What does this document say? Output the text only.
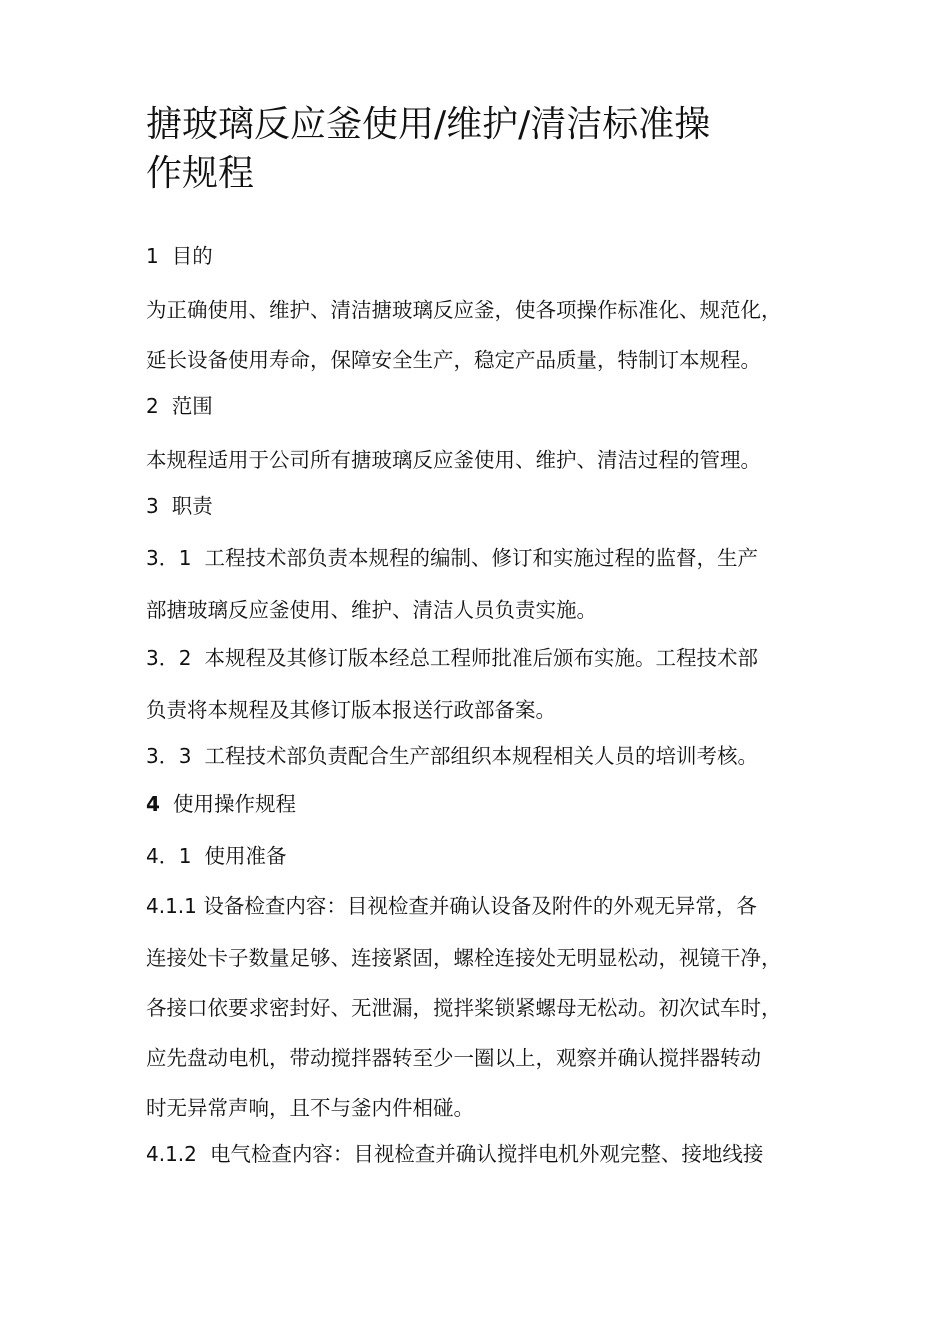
搪玻璃反应釜使用/维护/清洁标准操
作规程
1 目的
为正确使用、维护、清洁搪玻璃反应釜，使各项操作标准化、规范化，
延长设备使用寿命，保障安全生产，稳定产品质量，特制订本规程。
2 范围
本规程适用于公司所有搪玻璃反应釜使用、维护、清洁过程的管理。
3 职责
3．1 工程技术部负责本规程的编制、修订和实施过程的监督，生产
部搪玻璃反应釜使用、维护、清洁人员负责实施。
3．2 本规程及其修订版本经总工程师批准后颁布实施。工程技术部
负责将本规程及其修订版本报送行政部备案。
3．3 工程技术部负责配合生产部组织本规程相关人员的培训考核。
4 使用操作规程
4．1 使用准备
4.1.1 设备检查内容：目视检查并确认设备及附件的外观无异常，各
连接处卡子数量足够、连接紧固，螺栓连接处无明显松动，视镜干净，
各接口依要求密封好、无泄漏，搅拌桨锁紧螺母无松动。初次试车时，
应先盘动电机，带动搅拌器转至少一圈以上，观察并确认搅拌器转动
时无异常声响，且不与釜内件相碰。
4.1.2 电气检查内容：目视检查并确认搅拌电机外观完整、接地线接
